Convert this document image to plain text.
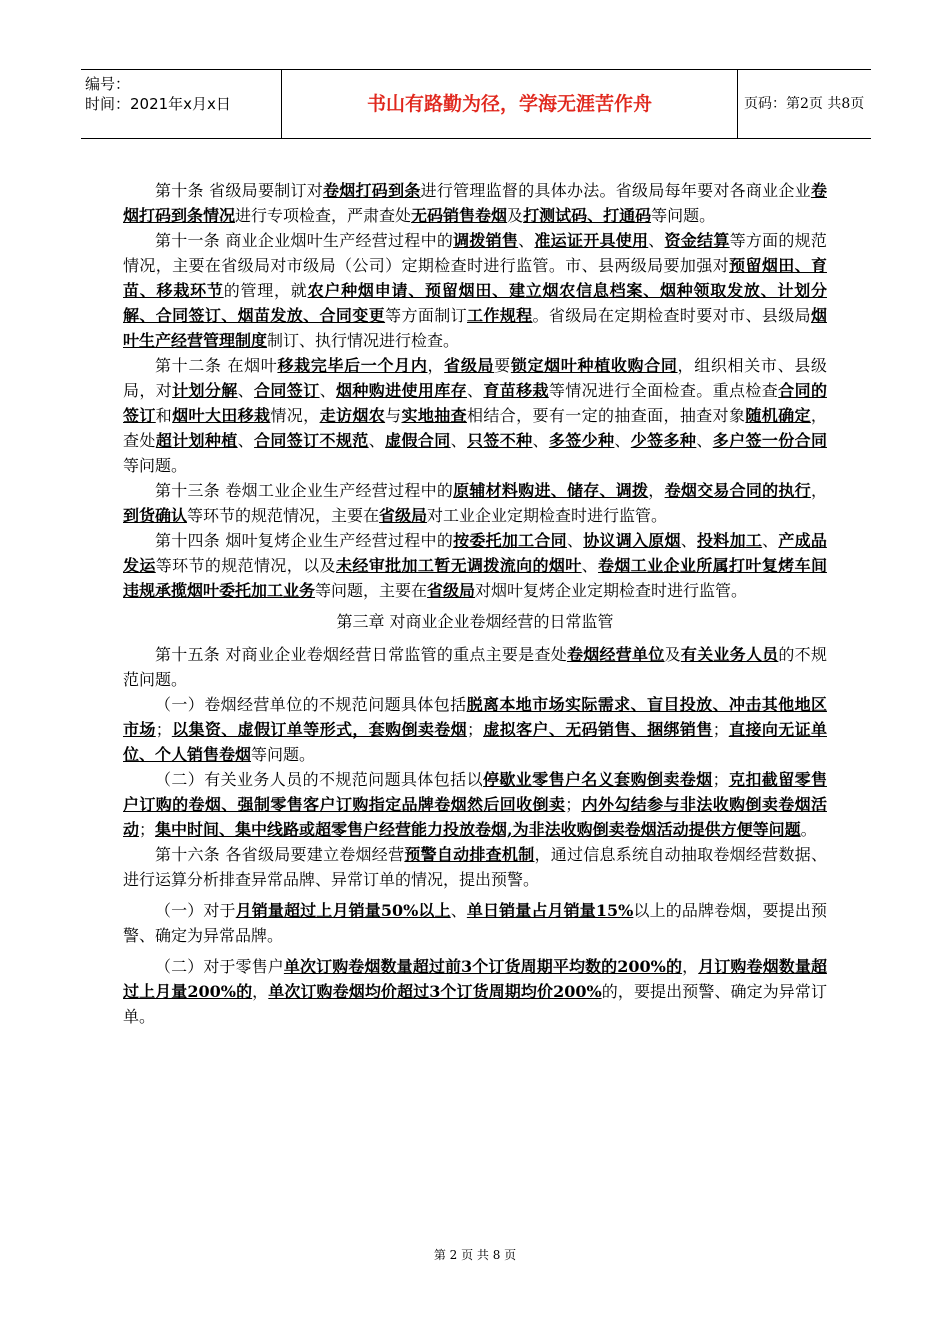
编号：
时间：2021年x月x日	书山有路勤为径，学海无涯苦作舟	页码：第2页 共8页

第十条 省级局要制订对卷烟打码到条进行管理监督的具体办法。省级局每年要对各商业企业卷烟打码到条情况进行专项检查，严肃查处无码销售卷烟及打测试码、打通码等问题。

第十一条 商业企业烟叶生产经营过程中的调拨销售、准运证开具使用、资金结算等方面的规范情况，主要在省级局对市级局（公司）定期检查时进行监管。市、县两级局要加强对预留烟田、育苗、移栽环节的管理，就农户种烟申请、预留烟田、建立烟农信息档案、烟种领取发放、计划分解、合同签订、烟苗发放、合同变更等方面制订工作规程。省级局在定期检查时要对市、县级局烟叶生产经营管理制度制订、执行情况进行检查。

第十二条 在烟叶移栽完毕后一个月内，省级局要锁定烟叶种植收购合同，组织相关市、县级局，对计划分解、合同签订、烟种购进使用库存、育苗移栽等情况进行全面检查。重点检查合同的签订和烟叶大田移栽情况，走访烟农与实地抽查相结合，要有一定的抽查面，抽查对象随机确定，查处超计划种植、合同签订不规范、虚假合同、只签不种、多签少种、少签多种、多户签一份合同等问题。

第十三条 卷烟工业企业生产经营过程中的原辅材料购进、储存、调拨，卷烟交易合同的执行，到货确认等环节的规范情况，主要在省级局对工业企业定期检查时进行监管。

第十四条 烟叶复烤企业生产经营过程中的按委托加工合同、协议调入原烟、投料加工、产成品发运等环节的规范情况，以及未经审批加工暂无调拨流向的烟叶、卷烟工业企业所属打叶复烤车间违规承揽烟叶委托加工业务等问题，主要在省级局对烟叶复烤企业定期检查时进行监管。

第三章 对商业企业卷烟经营的日常监管

第十五条 对商业企业卷烟经营日常监管的重点主要是查处卷烟经营单位及有关业务人员的不规范问题。

（一）卷烟经营单位的不规范问题具体包括脱离本地市场实际需求、盲目投放、冲击其他地区市场；以集资、虚假订单等形式，套购倒卖卷烟；虚拟客户、无码销售、捆绑销售；直接向无证单位、个人销售卷烟等问题。

（二）有关业务人员的不规范问题具体包括以停歇业零售户名义套购倒卖卷烟；克扣截留零售户订购的卷烟、强制零售客户订购指定品牌卷烟然后回收倒卖；内外勾结参与非法收购倒卖卷烟活动；集中时间、集中线路或超零售户经营能力投放卷烟,为非法收购倒卖卷烟活动提供方便等问题。

第十六条 各省级局要建立卷烟经营预警自动排查机制，通过信息系统自动抽取卷烟经营数据、进行运算分析排查异常品牌、异常订单的情况，提出预警。

（一）对于月销量超过上月销量50%以上、单日销量占月销量15%以上的品牌卷烟，要提出预警、确定为异常品牌。

（二）对于零售户单次订购卷烟数量超过前3个订货周期平均数的200%的，月订购卷烟数量超过上月量200%的，单次订购卷烟均价超过3个订货周期均价200%的，要提出预警、确定为异常订单。

第 2 页 共 8 页
